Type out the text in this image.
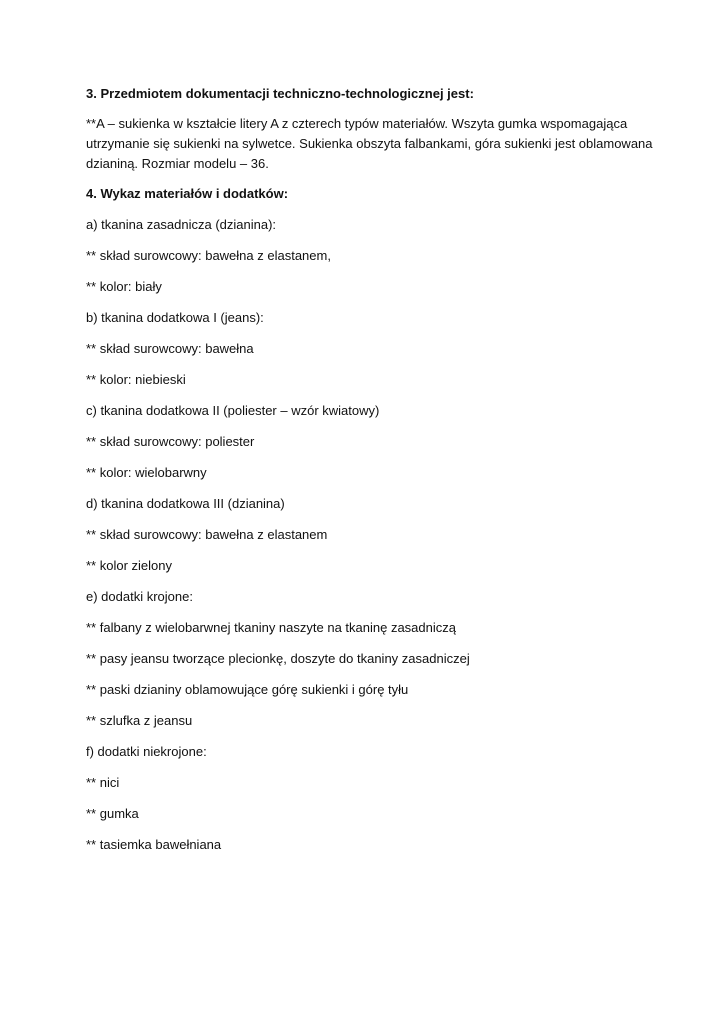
3. Przedmiotem dokumentacji techniczno-technologicznej jest:
**A – sukienka w kształcie litery A z czterech typów materiałów. Wszyta gumka wspomagająca
utrzymanie się sukienki na sylwetce. Sukienka obszyta falbankami, góra sukienki jest oblamowana
dzianiną. Rozmiar modelu – 36.
4. Wykaz materiałów i dodatków:
a) tkanina zasadnicza (dzianina):
** skład surowcowy: bawełna z elastanem,
** kolor: biały
b) tkanina dodatkowa I (jeans):
** skład surowcowy: bawełna
** kolor: niebieski
c) tkanina dodatkowa II (poliester – wzór kwiatowy)
** skład surowcowy: poliester
** kolor: wielobarwny
d) tkanina dodatkowa III (dzianina)
** skład surowcowy: bawełna z elastanem
** kolor zielony
e) dodatki krojone:
** falbany z wielobarwnej tkaniny naszyte na tkaninę zasadniczą
** pasy jeansu tworzące plecionkę, doszyte do tkaniny zasadniczej
** paski dzianiny oblamowujące górę sukienki i górę tyłu
** szlufka z jeansu
f) dodatki niekrojone:
** nici
** gumka
** tasiemka bawełniana
